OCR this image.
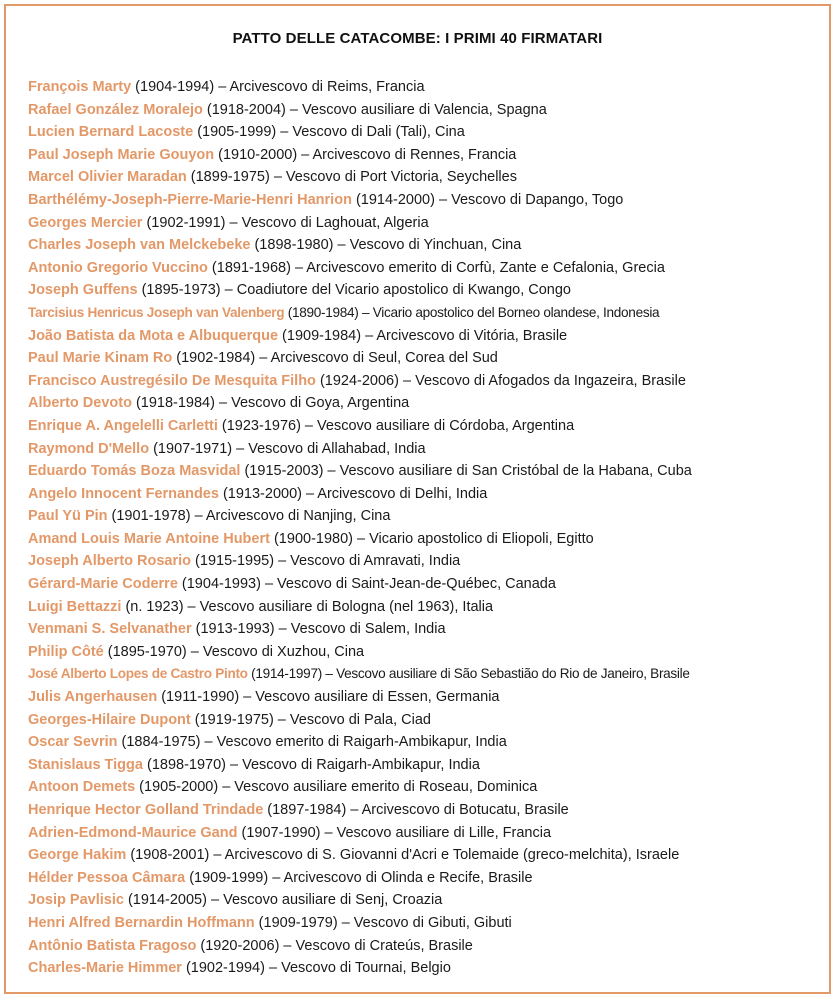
PATTO DELLE CATACOMBE: I PRIMI 40 FIRMATARI
François Marty (1904-1994) – Arcivescovo di Reims, Francia
Rafael González Moralejo (1918-2004) – Vescovo ausiliare di Valencia, Spagna
Lucien Bernard Lacoste (1905-1999) – Vescovo di Dali (Tali), Cina
Paul Joseph Marie Gouyon (1910-2000) – Arcivescovo di Rennes, Francia
Marcel Olivier Maradan (1899-1975) – Vescovo di Port Victoria, Seychelles
Barthélémy-Joseph-Pierre-Marie-Henri Hanrion (1914-2000) – Vescovo di Dapango, Togo
Georges Mercier (1902-1991) – Vescovo di Laghouat, Algeria
Charles Joseph van Melckebeke (1898-1980) – Vescovo di Yinchuan, Cina
Antonio Gregorio Vuccino (1891-1968) – Arcivescovo emerito di Corfù, Zante e Cefalonia, Grecia
Joseph Guffens (1895-1973) – Coadiutore del Vicario apostolico di Kwango, Congo
Tarcisius Henricus Joseph van Valenberg (1890-1984) – Vicario apostolico del Borneo olandese, Indonesia
João Batista da Mota e Albuquerque (1909-1984) – Arcivescovo di Vitória, Brasile
Paul Marie Kinam Ro (1902-1984) – Arcivescovo di Seul, Corea del Sud
Francisco Austregésilo De Mesquita Filho (1924-2006) – Vescovo di Afogados da Ingazeira, Brasile
Alberto Devoto (1918-1984) – Vescovo di Goya, Argentina
Enrique A. Angelelli Carletti (1923-1976) – Vescovo ausiliare di Córdoba, Argentina
Raymond D'Mello (1907-1971) – Vescovo di Allahabad, India
Eduardo Tomás Boza Masvidal (1915-2003) – Vescovo ausiliare di San Cristóbal de la Habana, Cuba
Angelo Innocent Fernandes (1913-2000) – Arcivescovo di Delhi, India
Paul Yü Pin (1901-1978) – Arcivescovo di Nanjing, Cina
Amand Louis Marie Antoine Hubert (1900-1980) – Vicario apostolico di Eliopoli, Egitto
Joseph Alberto Rosario (1915-1995) – Vescovo di Amravati, India
Gérard-Marie Coderre (1904-1993) – Vescovo di Saint-Jean-de-Québec, Canada
Luigi Bettazzi (n. 1923) – Vescovo ausiliare di Bologna (nel 1963), Italia
Venmani S. Selvanather (1913-1993) – Vescovo di Salem, India
Philip Côté (1895-1970) – Vescovo di Xuzhou, Cina
José Alberto Lopes de Castro Pinto (1914-1997) – Vescovo ausiliare di São Sebastião do Rio de Janeiro, Brasile
Julis Angerhausen (1911-1990) – Vescovo ausiliare di Essen, Germania
Georges-Hilaire Dupont (1919-1975) – Vescovo di Pala, Ciad
Oscar Sevrin (1884-1975) – Vescovo emerito di Raigarh-Ambikapur, India
Stanislaus Tigga (1898-1970) – Vescovo di Raigarh-Ambikapur, India
Antoon Demets (1905-2000) – Vescovo ausiliare emerito di Roseau, Dominica
Henrique Hector Golland Trindade (1897-1984) – Arcivescovo di Botucatu, Brasile
Adrien-Edmond-Maurice Gand (1907-1990) – Vescovo ausiliare di Lille, Francia
George Hakim (1908-2001) – Arcivescovo di S. Giovanni d'Acri e Tolemaide (greco-melchita), Israele
Hélder Pessoa Câmara (1909-1999) – Arcivescovo di Olinda e Recife, Brasile
Josip Pavlisic (1914-2005) – Vescovo ausiliare di Senj, Croazia
Henri Alfred Bernardin Hoffmann (1909-1979) – Vescovo di Gibuti, Gibuti
Antônio Batista Fragoso (1920-2006) – Vescovo di Crateús, Brasile
Charles-Marie Himmer (1902-1994) – Vescovo di Tournai, Belgio
